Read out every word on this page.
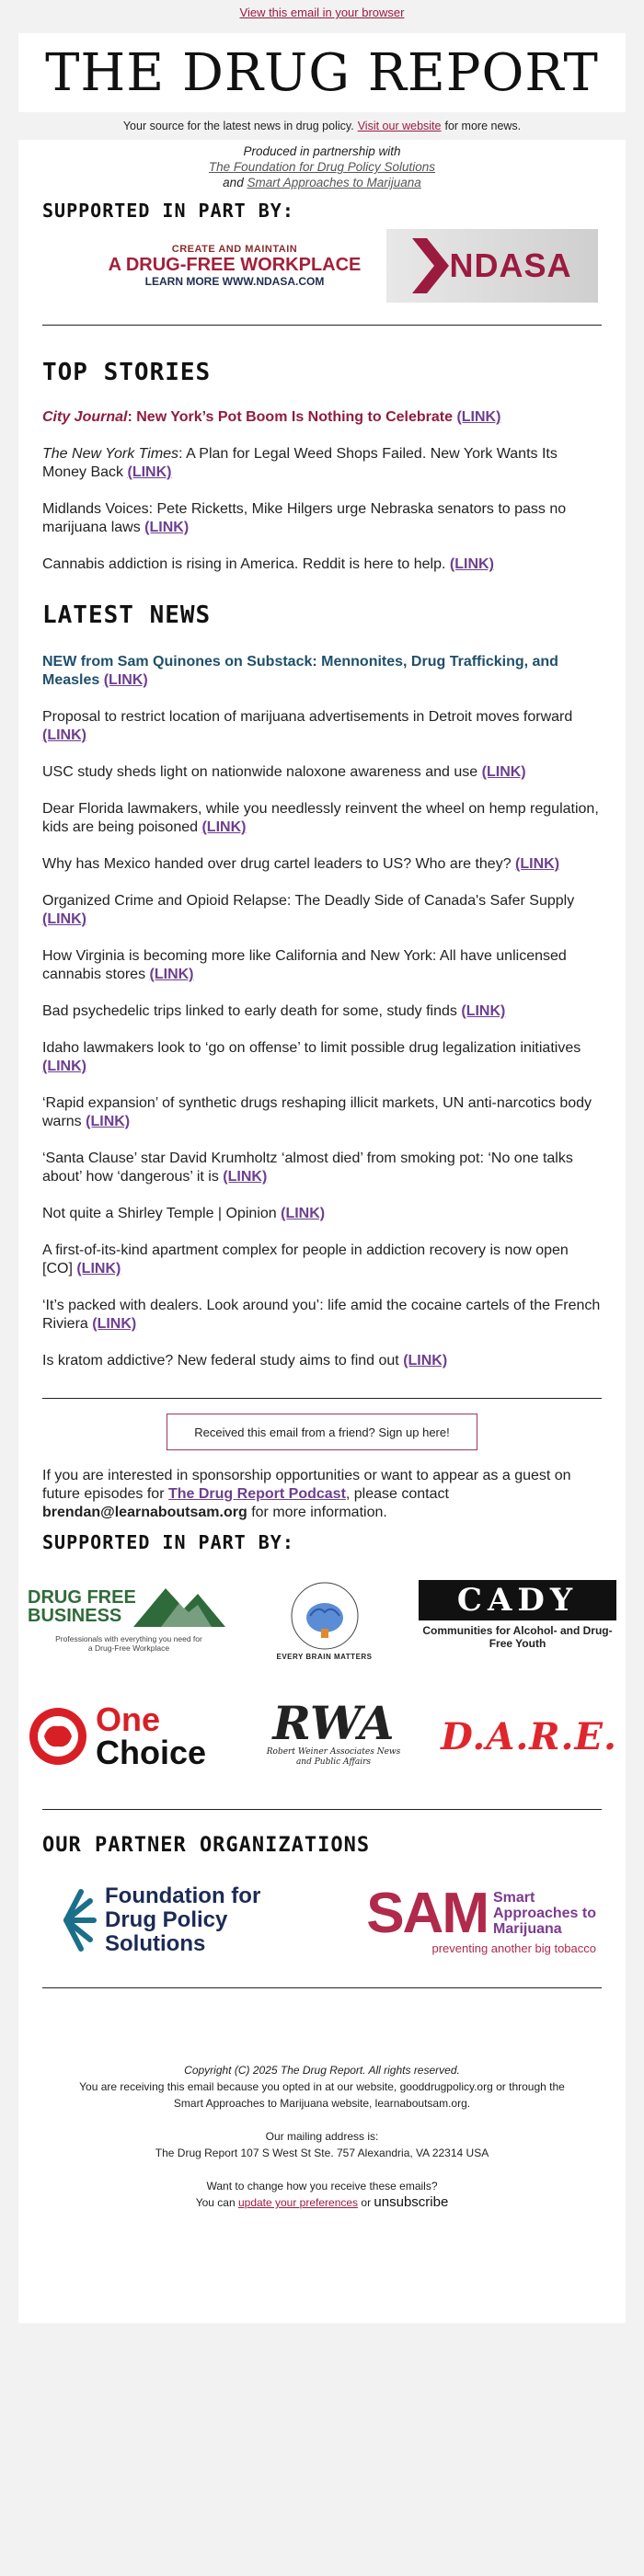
View this email in your browser
THE DRUG REPORT
Your source for the latest news in drug policy. Visit our website for more news.
Produced in partnership with
The Foundation for Drug Policy Solutions
and Smart Approaches to Marijuana
SUPPORTED IN PART BY:
CREATE AND MAINTAIN
A DRUG-FREE WORKPLACE
LEARN MORE WWW.NDASA.COM	NDASA
TOP STORIES
City Journal: New York’s Pot Boom Is Nothing to Celebrate (LINK)
The New York Times: A Plan for Legal Weed Shops Failed. New York Wants Its Money Back (LINK)
Midlands Voices: Pete Ricketts, Mike Hilgers urge Nebraska senators to pass no marijuana laws (LINK)
Cannabis addiction is rising in America. Reddit is here to help. (LINK)
LATEST NEWS
NEW from Sam Quinones on Substack: Mennonites, Drug Trafficking, and Measles (LINK)
Proposal to restrict location of marijuana advertisements in Detroit moves forward (LINK)
USC study sheds light on nationwide naloxone awareness and use (LINK)
Dear Florida lawmakers, while you needlessly reinvent the wheel on hemp regulation, kids are being poisoned (LINK)
Why has Mexico handed over drug cartel leaders to US? Who are they? (LINK)
Organized Crime and Opioid Relapse: The Deadly Side of Canada's Safer Supply (LINK)
How Virginia is becoming more like California and New York: All have unlicensed cannabis stores (LINK)
Bad psychedelic trips linked to early death for some, study finds (LINK)
Idaho lawmakers look to ‘go on offense’ to limit possible drug legalization initiatives (LINK)
‘Rapid expansion’ of synthetic drugs reshaping illicit markets, UN anti-narcotics body warns (LINK)
‘Santa Clause’ star David Krumholtz ‘almost died’ from smoking pot: ‘No one talks about’ how ‘dangerous’ it is (LINK)
Not quite a Shirley Temple | Opinion (LINK)
A first-of-its-kind apartment complex for people in addiction recovery is now open [CO] (LINK)
‘It’s packed with dealers. Look around you’: life amid the cocaine cartels of the French Riviera (LINK)
Is kratom addictive? New federal study aims to find out (LINK)
Received this email from a friend? Sign up here!
If you are interested in sponsorship opportunities or want to appear as a guest on future episodes for The Drug Report Podcast, please contact brendan@learnaboutsam.org for more information.
SUPPORTED IN PART BY:
DRUG FREE
BUSINESS
Professionals with everything you need for a Drug-Free Workplace
EVERY BRAIN MATTERS
CADY
Communities for Alcohol- and Drug-Free Youth
One
Choice
RWA
Robert Weiner Associates News and Public Affairs
D.A.R.E.
OUR PARTNER ORGANIZATIONS
Foundation for Drug Policy Solutions	SAM Smart
Approaches to
Marijuana
preventing another big tobacco
Copyright (C) 2025 The Drug Report. All rights reserved.
You are receiving this email because you opted in at our website, gooddrugpolicy.org or through the
Smart Approaches to Marijuana website, learnaboutsam.org.
Our mailing address is:
The Drug Report 107 S West St Ste. 757 Alexandria, VA 22314 USA
Want to change how you receive these emails?
You can update your preferences or unsubscribe
